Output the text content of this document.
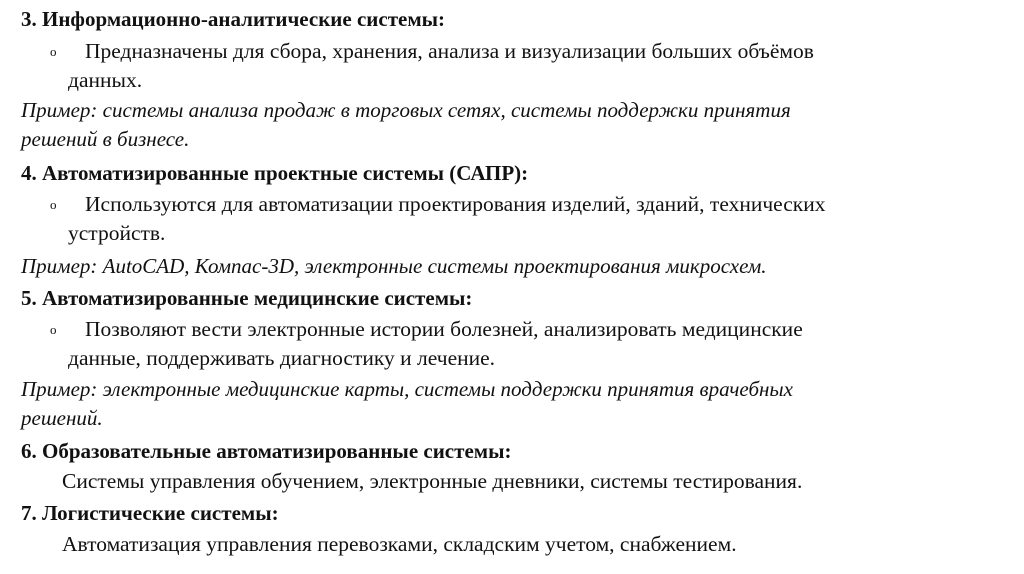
3. Информационно-аналитические системы:
o	Предназначены для сбора, хранения, анализа и визуализации больших объёмов
данных.
Пример: системы анализа продаж в торговых сетях, системы поддержки принятия
решений в бизнесе.
4. Автоматизированные проектные системы (САПР):
o	Используются для автоматизации проектирования изделий, зданий, технических
устройств.
Пример: AutoCAD, Компас-3D, электронные системы проектирования микросхем.
5. Автоматизированные медицинские системы:
o	Позволяют вести электронные истории болезней, анализировать медицинские
данные, поддерживать диагностику и лечение.
Пример: электронные медицинские карты, системы поддержки принятия врачебных
решений.
6. Образовательные автоматизированные системы:
Системы управления обучением, электронные дневники, системы тестирования.
7. Логистические системы:
Автоматизация управления перевозками, складским учетом, снабжением.
